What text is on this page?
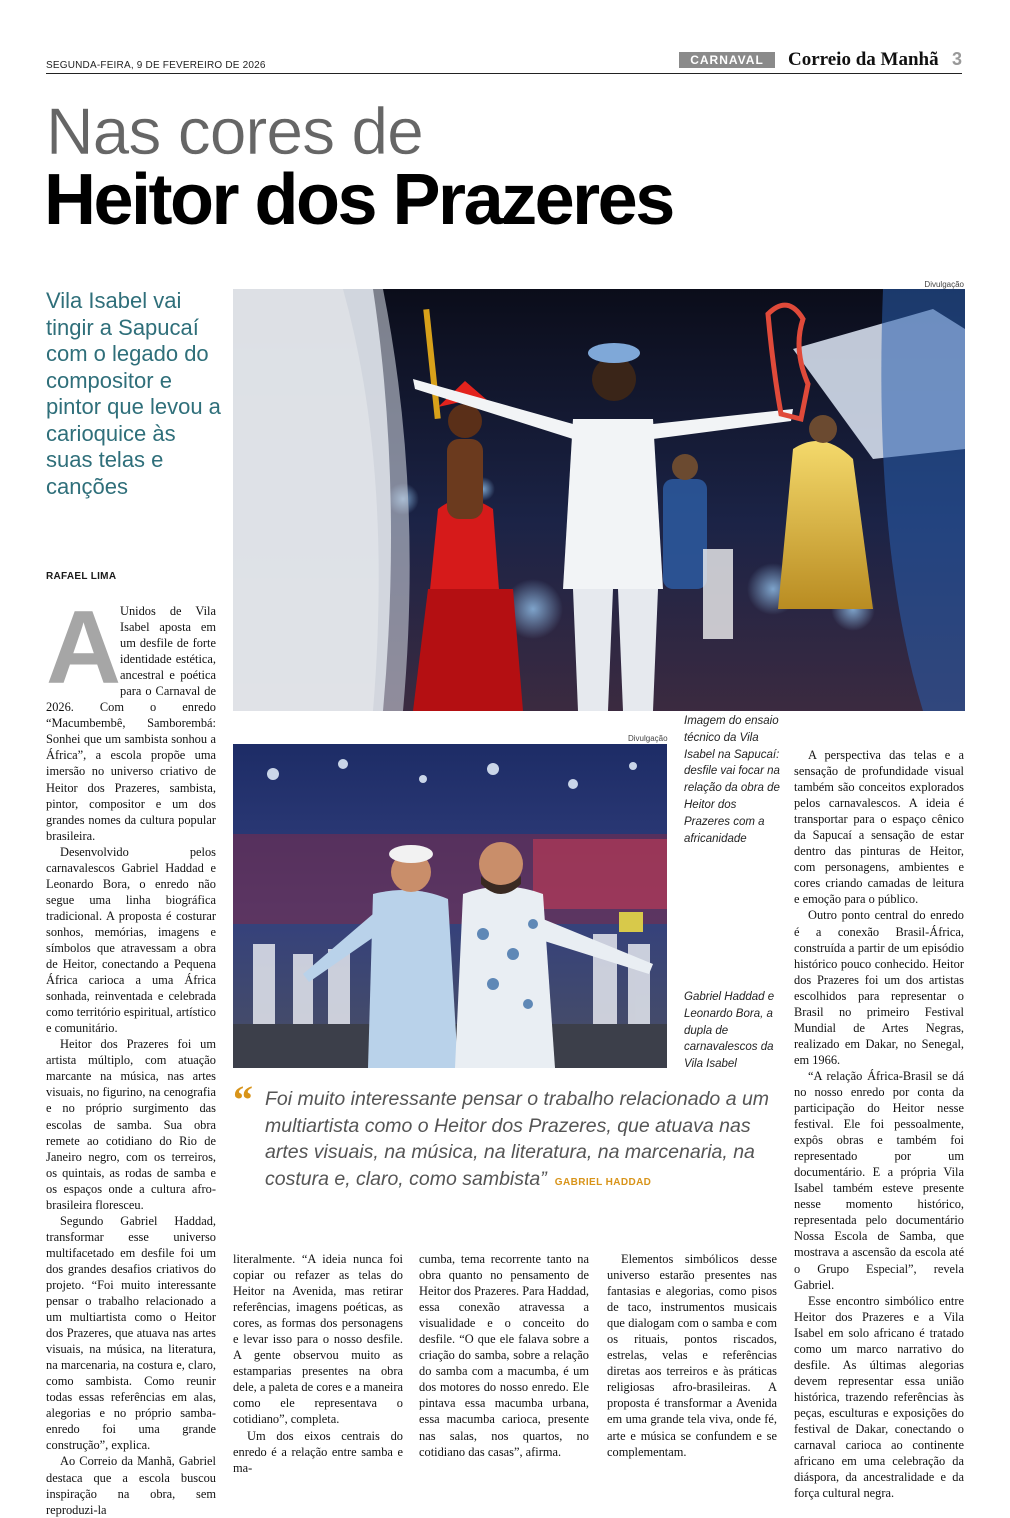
SEGUNDA-FEIRA, 9 DE FEVEREIRO DE 2026	CARNAVAL	Correio da Manhã 3
Nas cores de
Heitor dos Prazeres
Vila Isabel vai tingir a Sapucaí com o legado do compositor e pintor que levou a carioquice às suas telas e canções
RAFAEL LIMA
Divulgação
Divulgação
Imagem do ensaio técnico da Vila Isabel na Sapucaí: desfile vai focar na relação da obra de Heitor dos Prazeres com a africanidade
Gabriel Haddad e Leonardo Bora, a dupla de carnavalescos da Vila Isabel
“ Foi muito interessante pensar o trabalho relacionado a um multiartista como o Heitor dos Prazeres, que atuava nas artes visuais, na música, na literatura, na marcenaria, na costura e, claro, como sambista” GABRIEL HADDAD
A

Unidos de Vila Isabel aposta em um desfile de forte identidade estética, ancestral e poética para o Carnaval de 2026. Com o enredo “Macumbembê, Samborembá: Sonhei que um sambista sonhou a África”, a escola propõe uma imersão no universo criativo de Heitor dos Prazeres, sambista, pintor, compositor e um dos grandes nomes da cultura popular brasileira.

Desenvolvido pelos carnavalescos Gabriel Haddad e Leonardo Bora, o enredo não segue uma linha biográfica tradicional. A proposta é costurar sonhos, memórias, imagens e símbolos que atravessam a obra de Heitor, conectando a Pequena África carioca a uma África sonhada, reinventada e celebrada como território espiritual, artístico e comunitário.

Heitor dos Prazeres foi um artista múltiplo, com atuação marcante na música, nas artes visuais, no figurino, na cenografia e no próprio surgimento das escolas de samba. Sua obra remete ao cotidiano do Rio de Janeiro negro, com os terreiros, os quintais, as rodas de samba e os espaços onde a cultura afro-brasileira floresceu.

Segundo Gabriel Haddad, transformar esse universo multifacetado em desfile foi um dos grandes desafios criativos do projeto. “Foi muito interessante pensar o trabalho relacionado a um multiartista como o Heitor dos Prazeres, que atuava nas artes visuais, na música, na literatura, na marcenaria, na costura e, claro, como sambista. Como reunir todas essas referências em alas, alegorias e no próprio samba-enredo foi uma grande construção”, explica.

Ao Correio da Manhã, Gabriel destaca que a escola buscou inspiração na obra, sem reproduzi-la

literalmente. “A ideia nunca foi copiar ou refazer as telas do Heitor na Avenida, mas retirar referências, imagens poéticas, as cores, as formas dos personagens e levar isso para o nosso desfile. A gente observou muito as estamparias presentes na obra dele, a paleta de cores e a maneira como ele representava o cotidiano”, completa.

Um dos eixos centrais do enredo é a relação entre samba e ma-

cumba, tema recorrente tanto na obra quanto no pensamento de Heitor dos Prazeres. Para Haddad, essa conexão atravessa a visualidade e o conceito do desfile. “O que ele falava sobre a criação do samba, sobre a relação do samba com a macumba, é um dos motores do nosso enredo. Ele pintava essa macumba urbana, essa macumba carioca, presente nas salas, nos quartos, no cotidiano das casas”, afirma.

Elementos simbólicos desse universo estarão presentes nas fantasias e alegorias, como pisos de taco, instrumentos musicais que dialogam com o samba e com os rituais, pontos riscados, estrelas, velas e referências diretas aos terreiros e às práticas religiosas afro-brasileiras. A proposta é transformar a Avenida em uma grande tela viva, onde fé, arte e música se confundem e se complementam.

A perspectiva das telas e a sensação de profundidade visual também são conceitos explorados pelos carnavalescos. A ideia é transportar para o espaço cênico da Sapucaí a sensação de estar dentro das pinturas de Heitor, com personagens, ambientes e cores criando camadas de leitura e emoção para o público.

Outro ponto central do enredo é a conexão Brasil-África, construída a partir de um episódio histórico pouco conhecido. Heitor dos Prazeres foi um dos artistas escolhidos para representar o Brasil no primeiro Festival Mundial de Artes Negras, realizado em Dakar, no Senegal, em 1966.

“A relação África-Brasil se dá no nosso enredo por conta da participação do Heitor nesse festival. Ele foi pessoalmente, expôs obras e também foi representado por um documentário. E a própria Vila Isabel também esteve presente nesse momento histórico, representada pelo documentário Nossa Escola de Samba, que mostrava a ascensão da escola até o Grupo Especial”, revela Gabriel.

Esse encontro simbólico entre Heitor dos Prazeres e a Vila Isabel em solo africano é tratado como um marco narrativo do desfile. As últimas alegorias devem representar essa união histórica, trazendo referências às peças, esculturas e exposições do festival de Dakar, conectando o carnaval carioca ao continente africano em uma celebração da diáspora, da ancestralidade e da força cultural negra.
